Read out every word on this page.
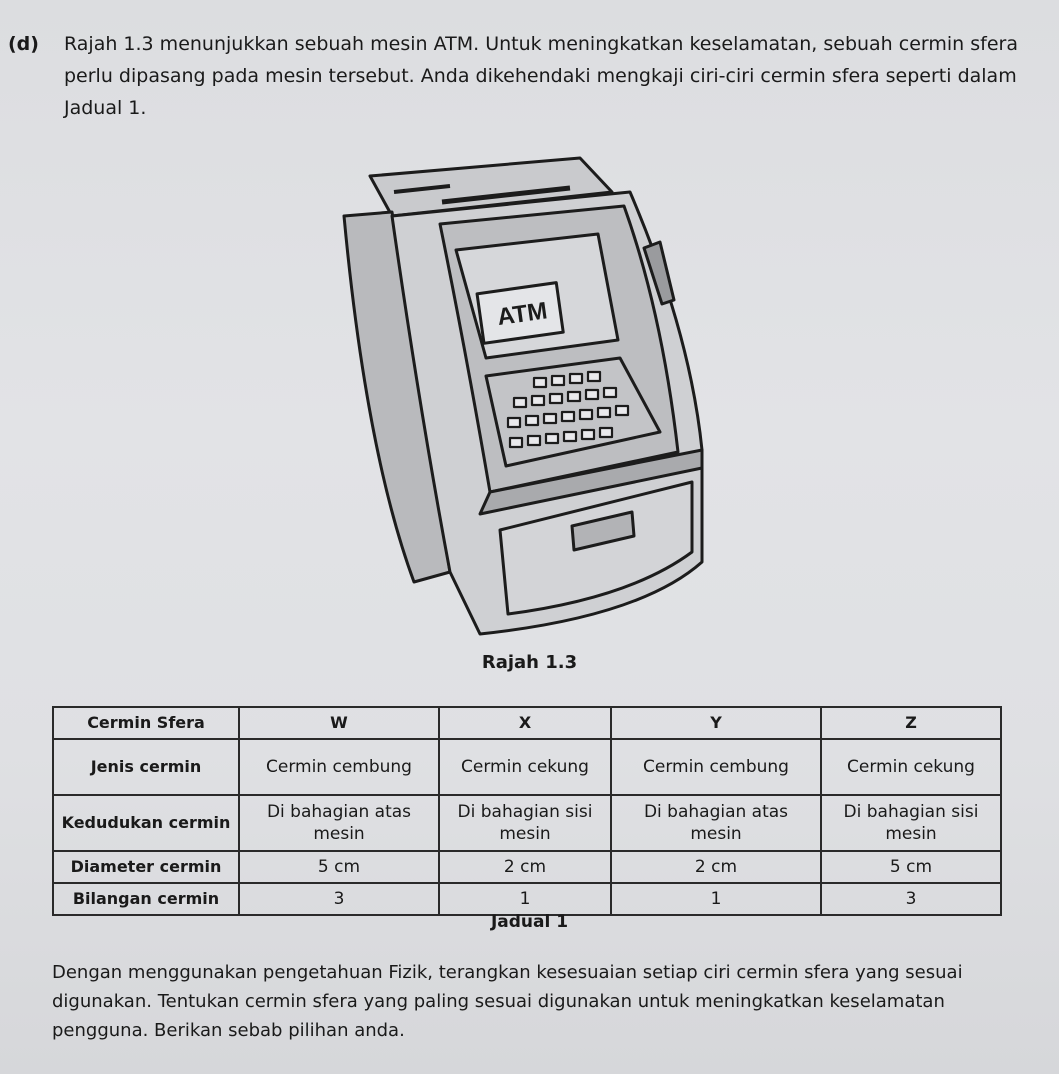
(d) Rajah 1.3 menunjukkan sebuah mesin ATM. Untuk meningkatkan keselamatan, sebuah cermin sfera perlu dipasang pada mesin tersebut. Anda dikehendaki mengkaji ciri-ciri cermin sfera seperti dalam Jadual 1.
ATM
Rajah 1.3
Cermin Sfera	W	X	Y	Z
Jenis cermin	Cermin cembung	Cermin cekung	Cermin cembung	Cermin cekung
Kedudukan cermin	Di bahagian atas mesin	Di bahagian sisi mesin	Di bahagian atas mesin	Di bahagian sisi mesin
Diameter cermin	5 cm	2 cm	2 cm	5 cm
Bilangan cermin	3	1	1	3
Jadual 1
Dengan menggunakan pengetahuan Fizik, terangkan kesesuaian setiap ciri cermin sfera yang sesuai digunakan. Tentukan cermin sfera yang paling sesuai digunakan untuk meningkatkan keselamatan pengguna. Berikan sebab pilihan anda.
